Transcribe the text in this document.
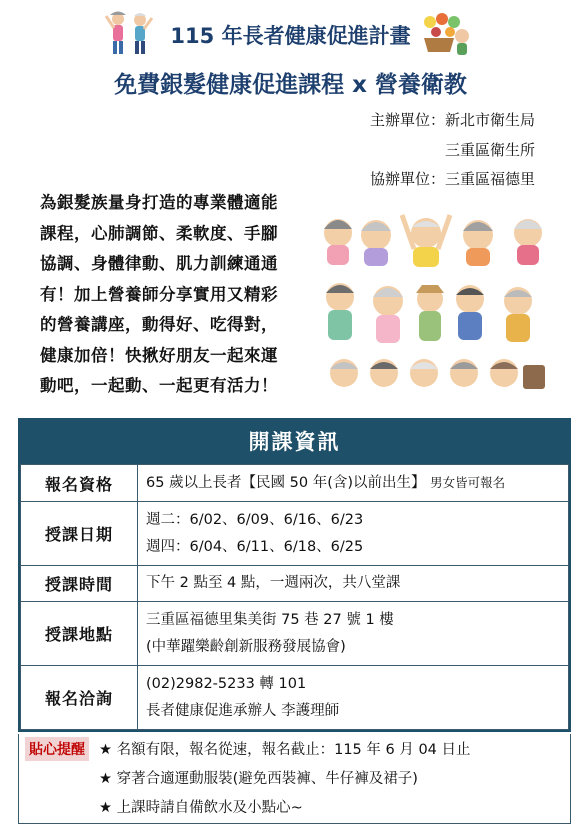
115 年長者健康促進計畫
免費銀髮健康促進課程 x 營養衛教
主辦單位：新北市衛生局
三重區衛生所
協辦單位：三重區福德里
為銀髮族量身打造的專業體適能
課程，心肺調節、柔軟度、手腳
協調、身體律動、肌力訓練通通
有！加上營養師分享實用又精彩
的營養講座，動得好、吃得對，
健康加倍！快揪好朋友一起來運
動吧，一起動、一起更有活力！
開課資訊
報名資格	65 歲以上長者【民國 50 年(含)以前出生】 男女皆可報名
授課日期	週二：6/02、6/09、6/16、6/23
週四：6/04、6/11、6/18、6/25

授課時間	下午 2 點至 4 點，一週兩次，共八堂課
授課地點	三重區福德里集美街 75 巷 27 號 1 樓
(中華躍樂齡創新服務發展協會)

報名洽詢	(02)2982-5233 轉 101
長者健康促進承辦人 李護理師
貼心提醒 ★ 名額有限，報名從速，報名截止：115 年 6 月 04 日止
★ 穿著合適運動服裝(避免西裝褲、牛仔褲及裙子)
★ 上課時請自備飲水及小點心~
